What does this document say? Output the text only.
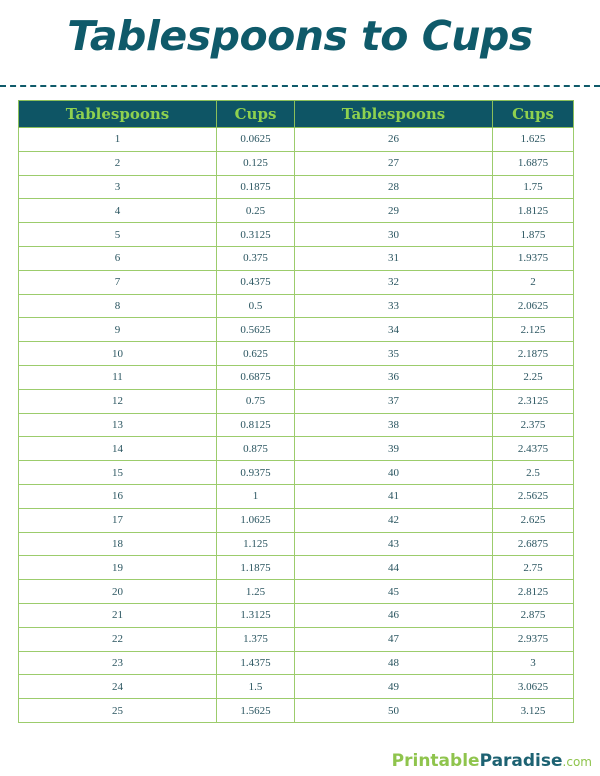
Tablespoons to Cups
Tablespoons	Cups	Tablespoons	Cups
1	0.0625	26	1.625
2	0.125	27	1.6875
3	0.1875	28	1.75
4	0.25	29	1.8125
5	0.3125	30	1.875
6	0.375	31	1.9375
7	0.4375	32	2
8	0.5	33	2.0625
9	0.5625	34	2.125
10	0.625	35	2.1875
11	0.6875	36	2.25
12	0.75	37	2.3125
13	0.8125	38	2.375
14	0.875	39	2.4375
15	0.9375	40	2.5
16	1	41	2.5625
17	1.0625	42	2.625
18	1.125	43	2.6875
19	1.1875	44	2.75
20	1.25	45	2.8125
21	1.3125	46	2.875
22	1.375	47	2.9375
23	1.4375	48	3
24	1.5	49	3.0625
25	1.5625	50	3.125
PrintableParadise.com
